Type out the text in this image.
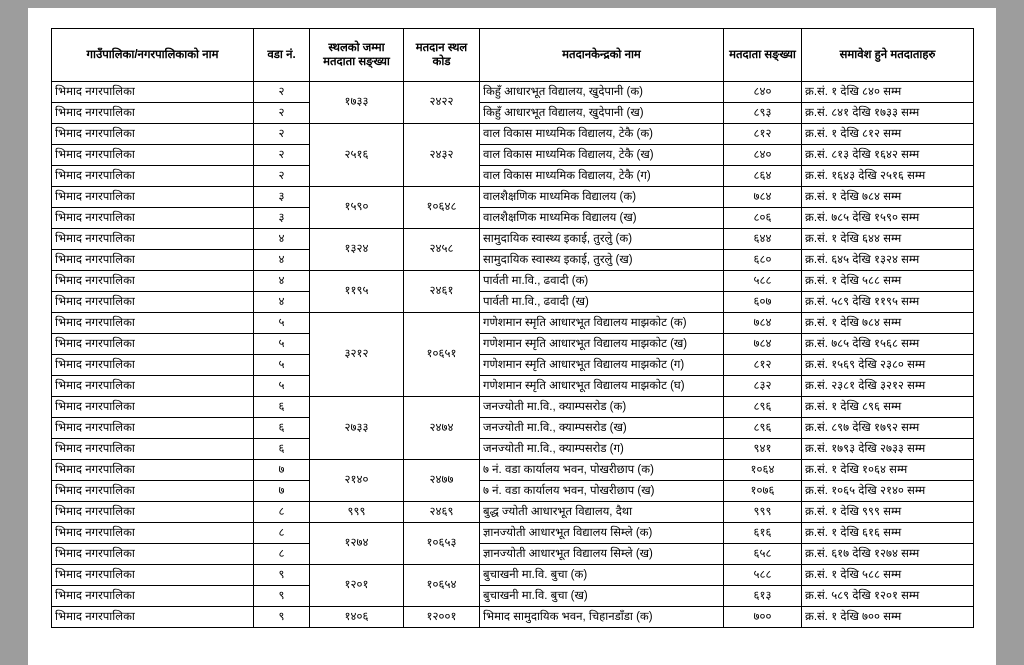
गाउँपालिका/नगरपालिकाको नाम	वडा नं.	स्थलको जम्मा मतदाता सङ्ख्या	मतदान स्थल कोड	मतदानकेन्द्रको नाम	मतदाता सङ्ख्या	समावेश हुने मतदाताहरु
भिमाद नगरपालिका	२	१७३३	२४२२	किहुँ आधारभूत विद्यालय, खुदेपानी (क)	८४०	क्र.सं. १ देखि ८४० सम्म
भिमाद नगरपालिका	२			किहुँ आधारभूत विद्यालय, खुदेपानी (ख)	८९३	क्र.सं. ८४१ देखि १७३३ सम्म
भिमाद नगरपालिका	२	२५१६	२४३२	वाल विकास माध्यमिक विद्यालय, टेकै (क)	८१२	क्र.सं. १ देखि ८१२ सम्म
भिमाद नगरपालिका	२			वाल विकास माध्यमिक विद्यालय, टेकै (ख)	८४०	क्र.सं. ८१३ देखि १६४२ सम्म
भिमाद नगरपालिका	२			वाल विकास माध्यमिक विद्यालय, टेकै (ग)	८६४	क्र.सं. १६४३ देखि २५१६ सम्म
भिमाद नगरपालिका	३	१५९०	१०६४८	वालशैक्षणिक माध्यमिक विद्यालय (क)	७८४	क्र.सं. १ देखि ७८४ सम्म
भिमाद नगरपालिका	३			वालशैक्षणिक माध्यमिक विद्यालय (ख)	८०६	क्र.सं. ७८५ देखि १५९० सम्म
भिमाद नगरपालिका	४	१३२४	२४५८	सामुदायिक स्वास्थ्य इकाई, तुरलुे (क)	६४४	क्र.सं. १ देखि ६४४ सम्म
भिमाद नगरपालिका	४			सामुदायिक स्वास्थ्य इकाई, तुरलुे (ख)	६८०	क्र.सं. ६४५ देखि १३२४ सम्म
भिमाद नगरपालिका	४	११९५	२४६१	पार्वती मा.वि., ढवादी (क)	५८८	क्र.सं. १ देखि ५८८ सम्म
भिमाद नगरपालिका	४			पार्वती मा.वि., ढवादी (ख)	६०७	क्र.सं. ५८९ देखि ११९५ सम्म
भिमाद नगरपालिका	५	३२१२	१०६५१	गणेशमान स्मृति आधारभूत विद्यालय माझकोट (क)	७८४	क्र.सं. १ देखि ७८४ सम्म
भिमाद नगरपालिका	५			गणेशमान स्मृति आधारभूत विद्यालय माझकोट (ख)	७८४	क्र.सं. ७८५ देखि १५६८ सम्म
भिमाद नगरपालिका	५			गणेशमान स्मृति आधारभूत विद्यालय माझकोट (ग)	८१२	क्र.सं. १५६९ देखि २३८० सम्म
भिमाद नगरपालिका	५			गणेशमान स्मृति आधारभूत विद्यालय माझकोट (घ)	८३२	क्र.सं. २३८१ देखि ३२१२ सम्म
भिमाद नगरपालिका	६	२७३३	२४७४	जनज्योती मा.वि., क्याम्पसरोड (क)	८९६	क्र.सं. १ देखि ८९६ सम्म
भिमाद नगरपालिका	६			जनज्योती मा.वि., क्याम्पसरोड (ख)	८९६	क्र.सं. ८९७ देखि १७९२ सम्म
भिमाद नगरपालिका	६			जनज्योती मा.वि., क्याम्पसरोड (ग)	९४१	क्र.सं. १७९३ देखि २७३३ सम्म
भिमाद नगरपालिका	७	२१४०	२४७७	७ नं. वडा कार्यालय भवन, पोखरीछाप (क)	१०६४	क्र.सं. १ देखि १०६४ सम्म
भिमाद नगरपालिका	७			७ नं. वडा कार्यालय भवन, पोखरीछाप (ख)	१०७६	क्र.सं. १०६५ देखि २१४० सम्म
भिमाद नगरपालिका	८	९९९	२४६९	बुद्ध ज्योती आधारभूत विद्यालय, दैथा	९९९	क्र.सं. १ देखि ९९९ सम्म
भिमाद नगरपालिका	८	१२७४	१०६५३	ज्ञानज्योती आधारभूत विद्यालय सिम्ले (क)	६१६	क्र.सं. १ देखि ६१६ सम्म
भिमाद नगरपालिका	८			ज्ञानज्योती आधारभूत विद्यालय सिम्ले (ख)	६५८	क्र.सं. ६१७ देखि १२७४ सम्म
भिमाद नगरपालिका	९	१२०१	१०६५४	बुचाखनी मा.वि. बुचा (क)	५८८	क्र.सं. १ देखि ५८८ सम्म
भिमाद नगरपालिका	९			बुचाखनी मा.वि. बुचा (ख)	६१३	क्र.सं. ५८९ देखि १२०१ सम्म
भिमाद नगरपालिका	९	१४०६	१२००१	भिमाद सामुदायिक भवन, चिहानडाँडा (क)	७००	क्र.सं. १ देखि ७०० सम्म
